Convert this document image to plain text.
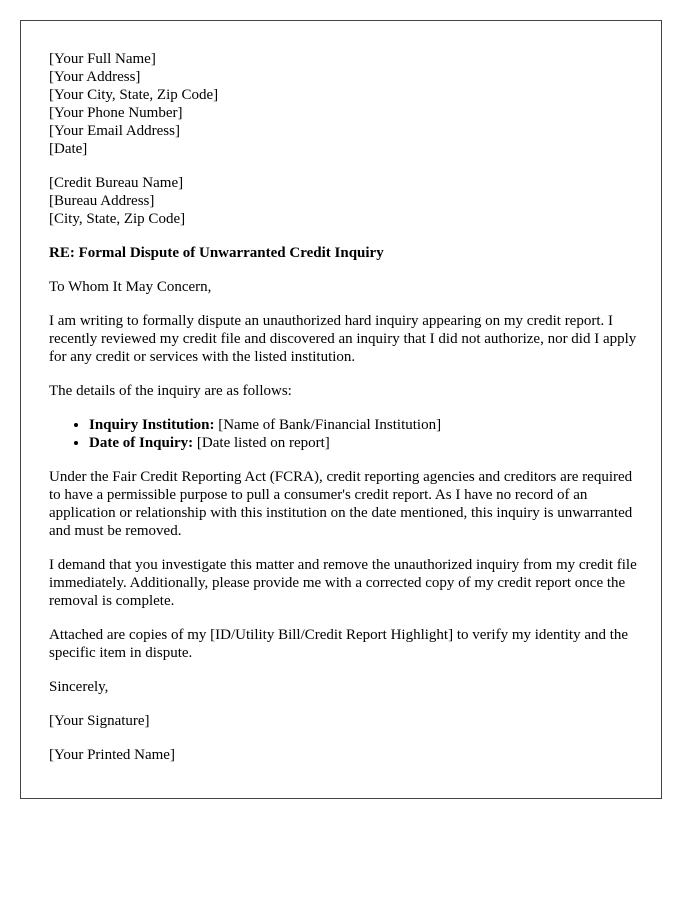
[Your Full Name]
[Your Address]
[Your City, State, Zip Code]
[Your Phone Number]
[Your Email Address]
[Date]
[Credit Bureau Name]
[Bureau Address]
[City, State, Zip Code]
RE: Formal Dispute of Unwarranted Credit Inquiry

To Whom It May Concern,

I am writing to formally dispute an unauthorized hard inquiry appearing on my credit report. I recently reviewed my credit file and discovered an inquiry that I did not authorize, nor did I apply for any credit or services with the listed institution.

The details of the inquiry are as follows:

• Inquiry Institution: [Name of Bank/Financial Institution]
• Date of Inquiry: [Date listed on report]

Under the Fair Credit Reporting Act (FCRA), credit reporting agencies and creditors are required to have a permissible purpose to pull a consumer's credit report. As I have no record of an application or relationship with this institution on the date mentioned, this inquiry is unwarranted and must be removed.

I demand that you investigate this matter and remove the unauthorized inquiry from my credit file immediately. Additionally, please provide me with a corrected copy of my credit report once the removal is complete.

Attached are copies of my [ID/Utility Bill/Credit Report Highlight] to verify my identity and the specific item in dispute.

Sincerely,

[Your Signature]

[Your Printed Name]
